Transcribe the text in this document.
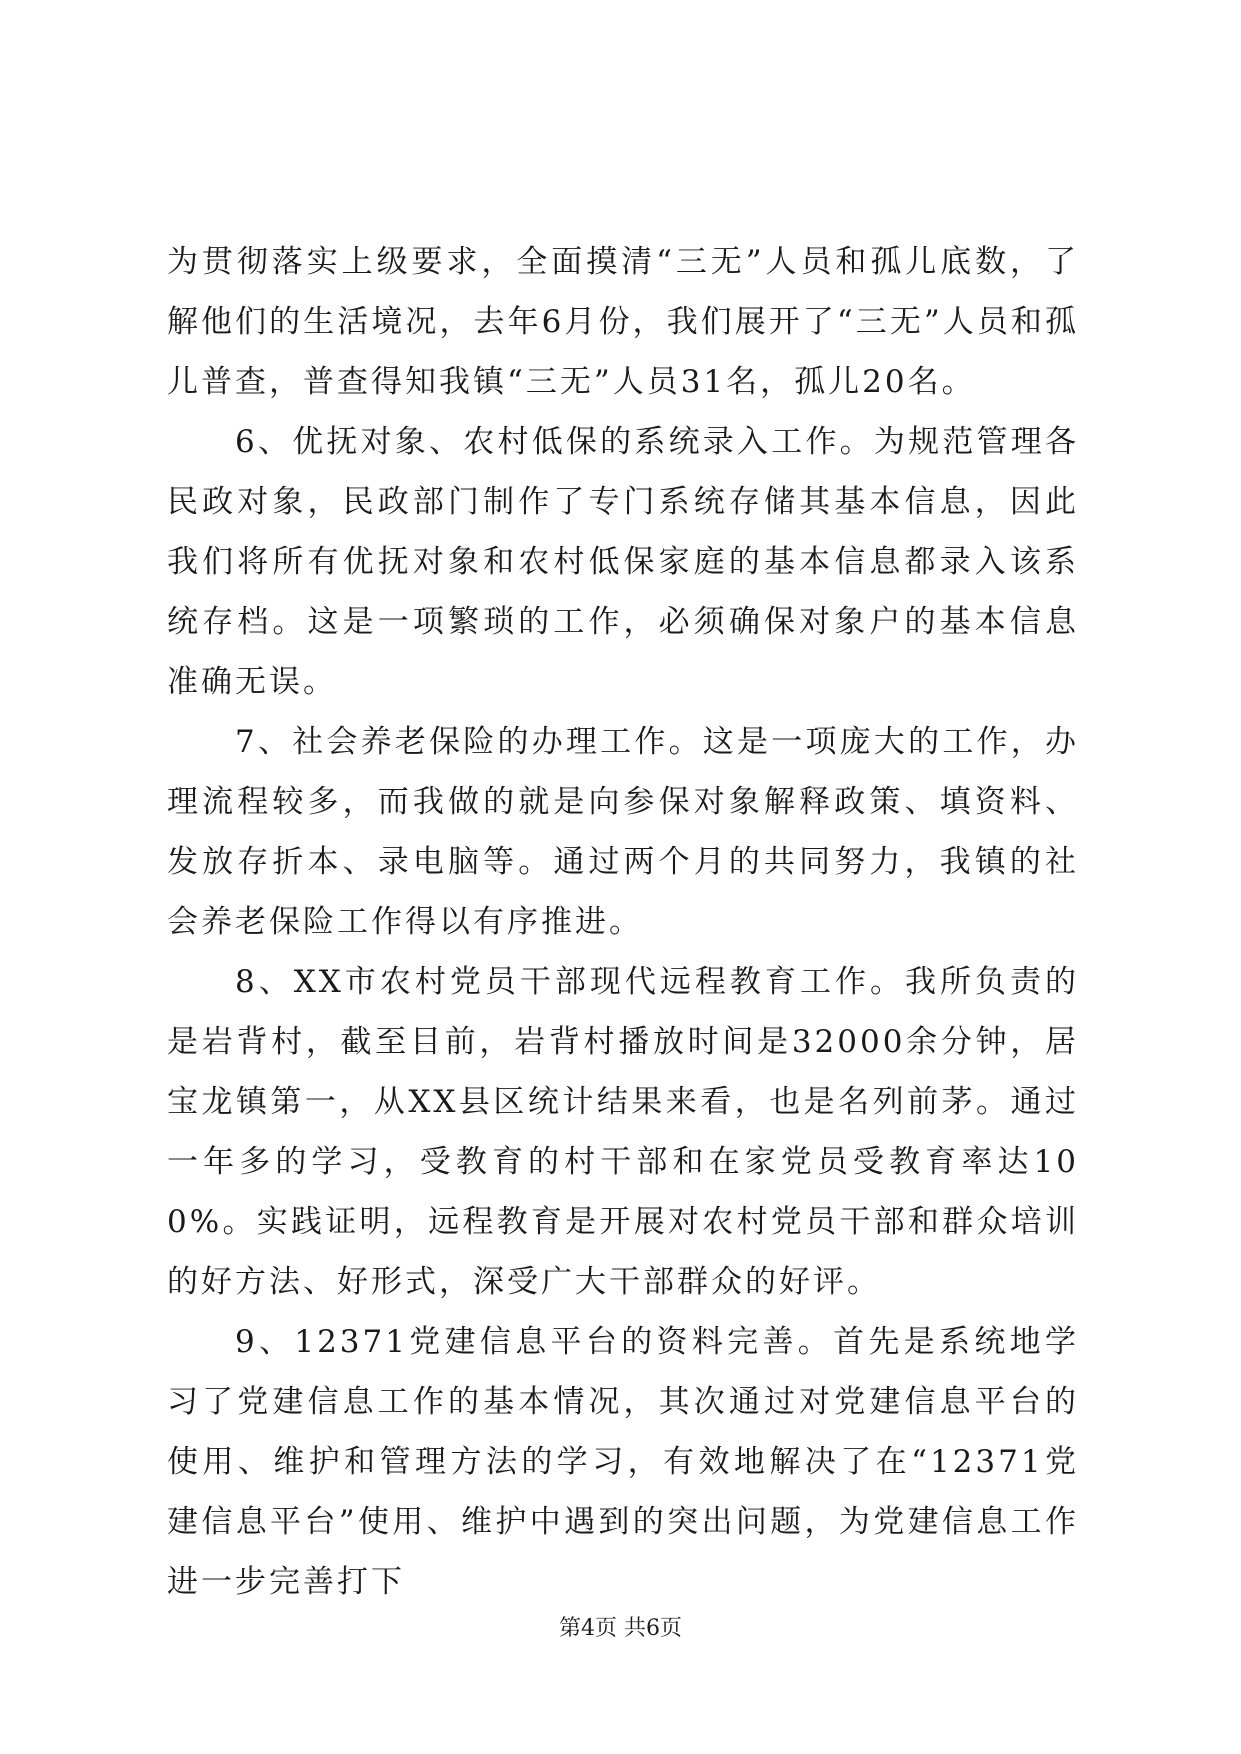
为贯彻落实上级要求，全面摸清“三无”人员和孤儿底数，了解他们的生活境况，去年6月份，我们展开了“三无”人员和孤儿普查，普查得知我镇“三无”人员31名，孤儿20名。

6、优抚对象、农村低保的系统录入工作。为规范管理各民政对象，民政部门制作了专门系统存储其基本信息，因此我们将所有优抚对象和农村低保家庭的基本信息都录入该系统存档。这是一项繁琐的工作，必须确保对象户的基本信息准确无误。

7、社会养老保险的办理工作。这是一项庞大的工作，办理流程较多，而我做的就是向参保对象解释政策、填资料、发放存折本、录电脑等。通过两个月的共同努力，我镇的社会养老保险工作得以有序推进。

8、XX市农村党员干部现代远程教育工作。我所负责的是岩背村，截至目前，岩背村播放时间是32000余分钟，居宝龙镇第一，从XX县区统计结果来看，也是名列前茅。通过一年多的学习，受教育的村干部和在家党员受教育率达100%。实践证明，远程教育是开展对农村党员干部和群众培训的好方法、好形式，深受广大干部群众的好评。

9、12371党建信息平台的资料完善。首先是系统地学习了党建信息工作的基本情况，其次通过对党建信息平台的使用、维护和管理方法的学习，有效地解决了在“12371党建信息平台”使用、维护中遇到的突出问题，为党建信息工作进一步完善打下

第4页 共6页
